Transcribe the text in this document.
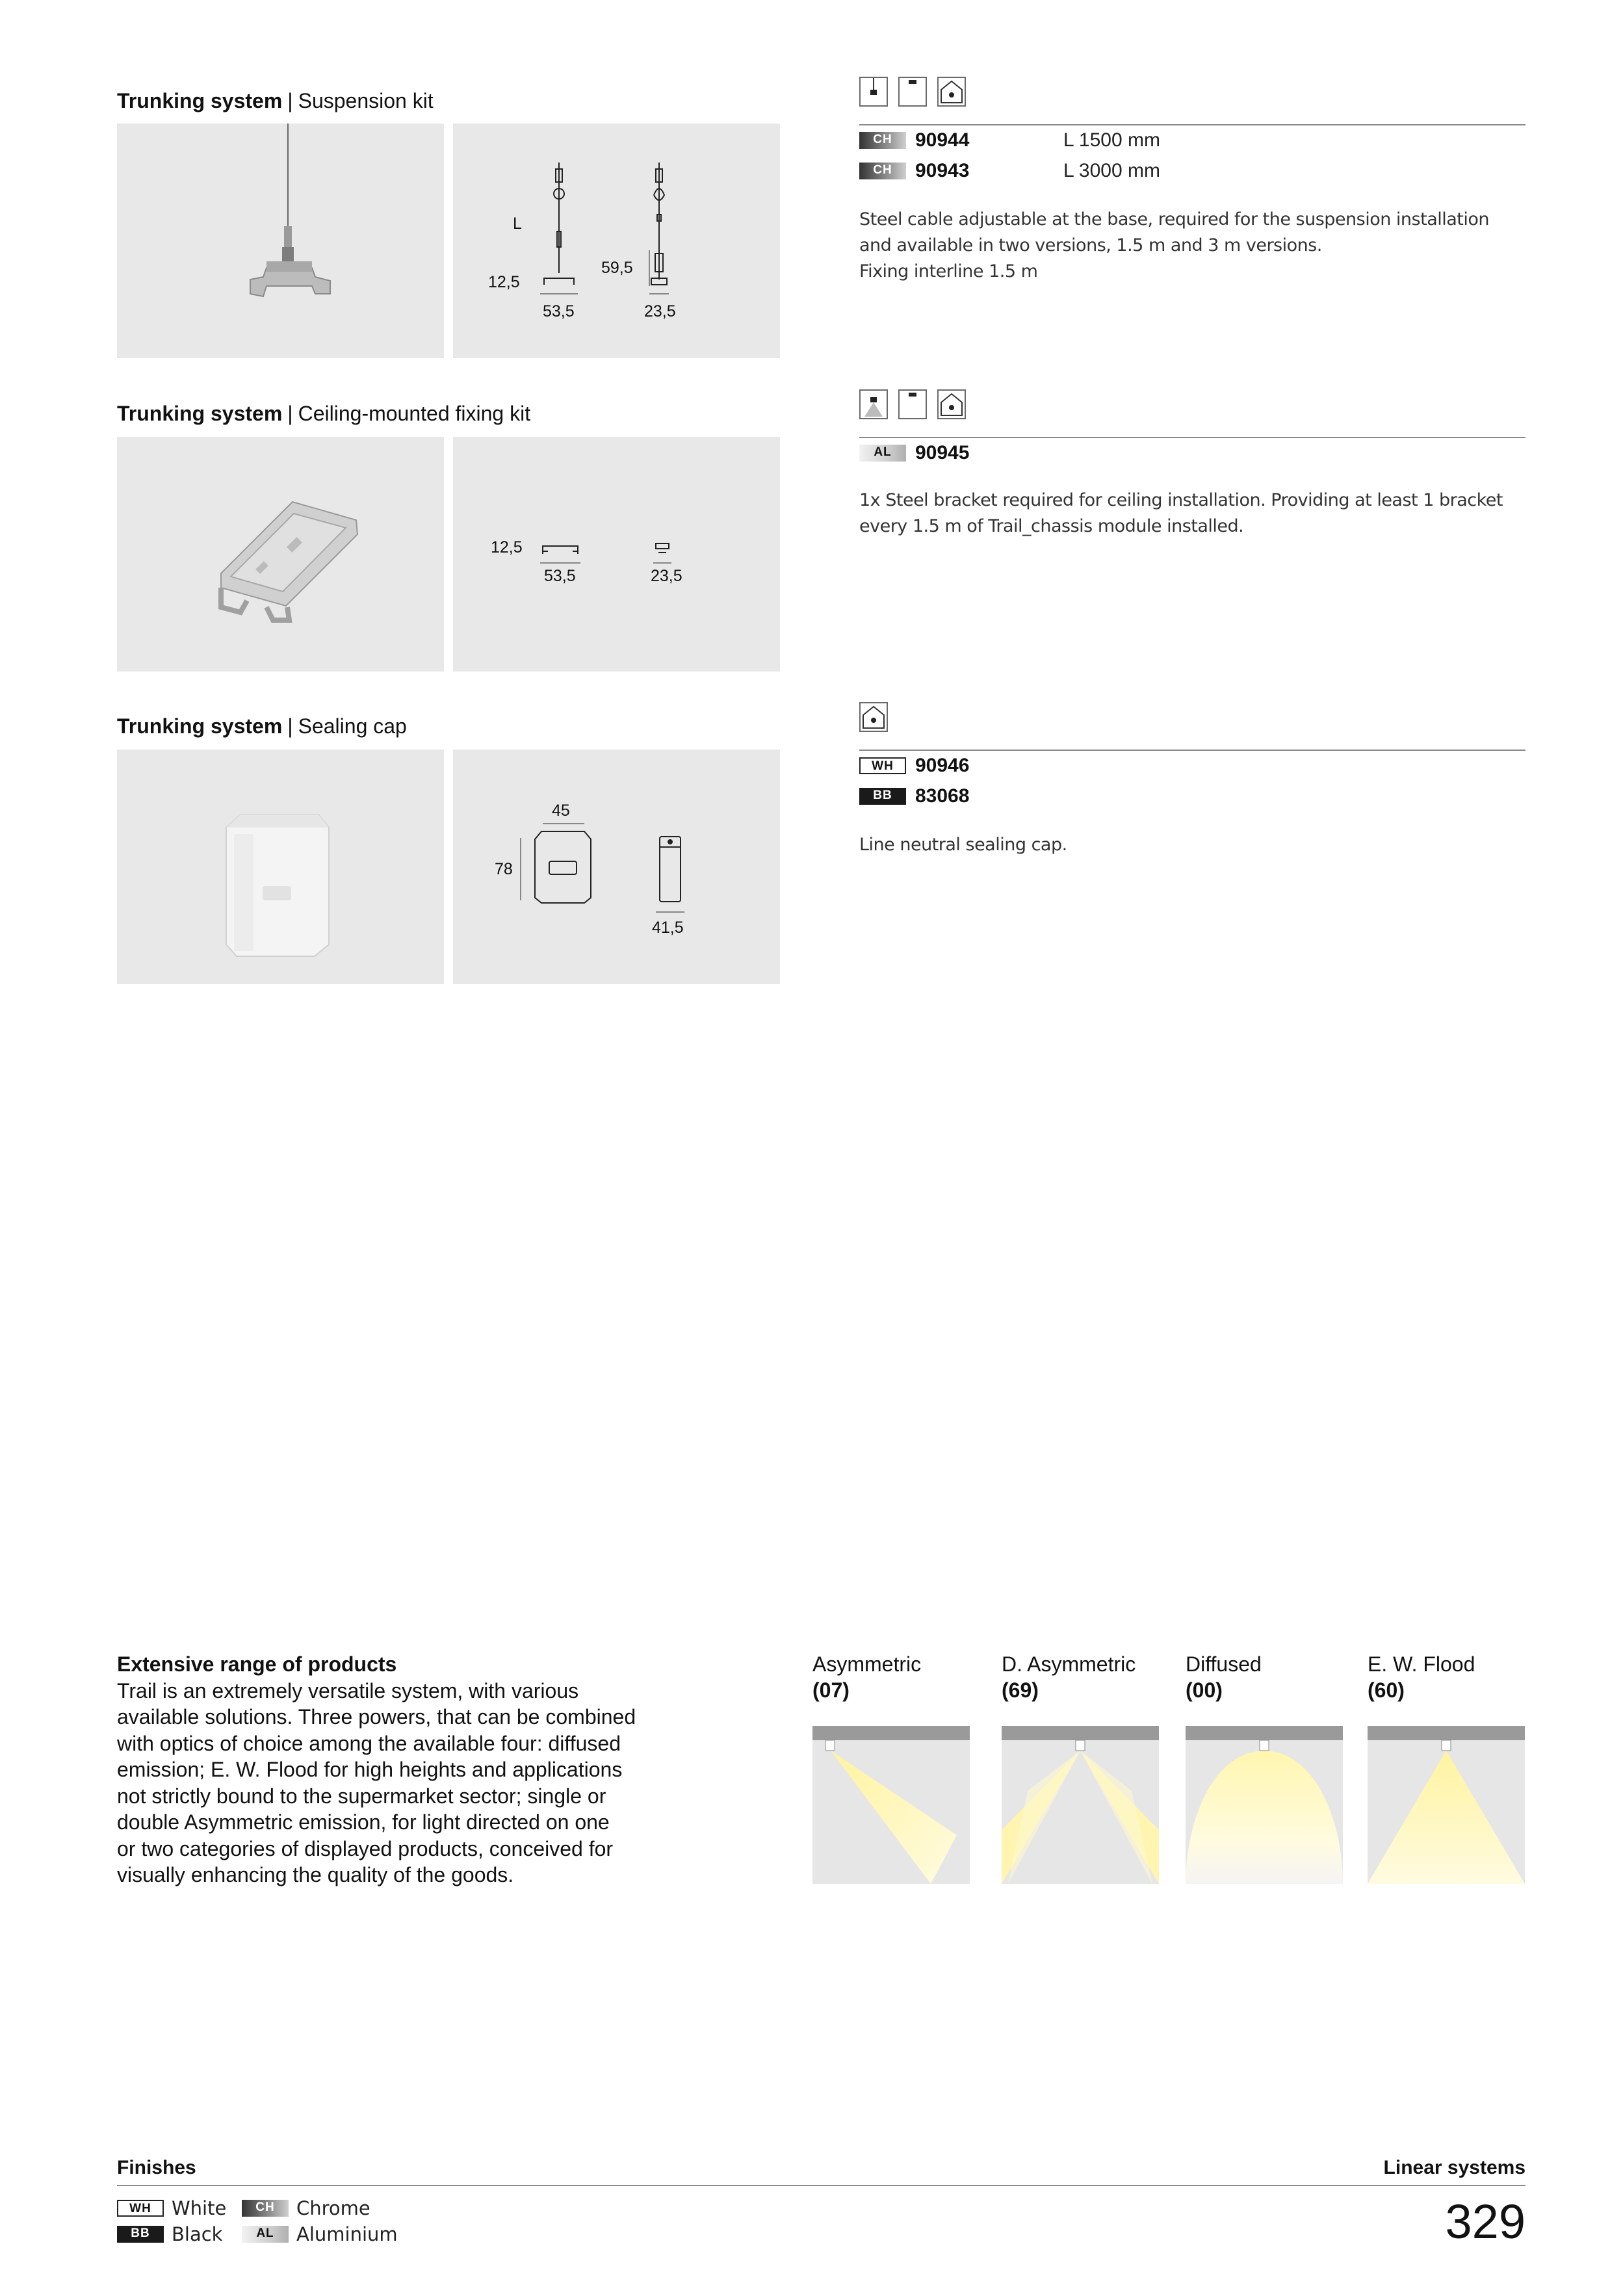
Trunking system | Suspension kit
L
12,5
53,5
59,5
23,5
CH	90944	L 1500 mm
CH	90943	L 3000 mm
Steel cable adjustable at the base, required for the suspension installation
and available in two versions, 1.5 m and 3 m versions.
Fixing interline 1.5 m
Trunking system | Ceiling-mounted fixing kit
12,5
53,5	23,5
AL	90945
1x Steel bracket required for ceiling installation. Providing at least 1 bracket
every 1.5 m of Trail_chassis module installed.
Trunking system | Sealing cap
45
78
41,5
WH	90946
BB	83068
Line neutral sealing cap.
Extensive range of products
Trail is an extremely versatile system, with various
available solutions. Three powers, that can be combined
with optics of choice among the available four: diffused
emission; E. W. Flood for high heights and applications
not strictly bound to the supermarket sector; single or
double Asymmetric emission, for light directed on one
or two categories of displayed products, conceived for
visually enhancing the quality of the goods.
Asymmetric
(07)
D. Asymmetric
(69)
Diffused
(00)
E. W. Flood
(60)
Finishes	Linear systems
WH	White	CH	Chrome
BB	Black	AL	Aluminium	329
